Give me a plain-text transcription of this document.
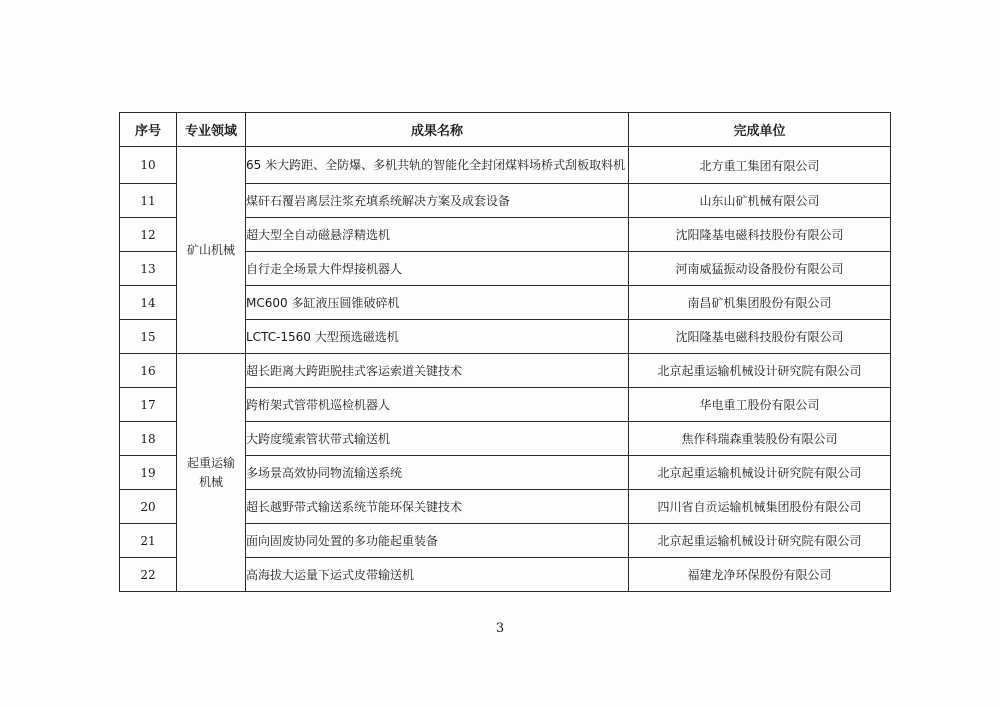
序号	专业领域	成果名称	完成单位
10	矿山机械	65 米大跨距、全防爆、多机共轨的智能化全封闭煤料场桥式刮板取料机	北方重工集团有限公司
11		煤矸石覆岩离层注浆充填系统解决方案及成套设备	山东山矿机械有限公司
12		超大型全自动磁悬浮精选机	沈阳隆基电磁科技股份有限公司
13		自行走全场景大件焊接机器人	河南威猛振动设备股份有限公司
14		MC600 多缸液压圆锥破碎机	南昌矿机集团股份有限公司
15		LCTC-1560 大型预选磁选机	沈阳隆基电磁科技股份有限公司
16	起重运输
机械	超长距离大跨距脱挂式客运索道关键技术	北京起重运输机械设计研究院有限公司
17		跨桁架式管带机巡检机器人	华电重工股份有限公司
18		大跨度缆索管状带式输送机	焦作科瑞森重装股份有限公司
19		多场景高效协同物流输送系统	北京起重运输机械设计研究院有限公司
20		超长越野带式输送系统节能环保关键技术	四川省自贡运输机械集团股份有限公司
21		面向固废协同处置的多功能起重装备	北京起重运输机械设计研究院有限公司
22		高海拔大运量下运式皮带输送机	福建龙净环保股份有限公司
3
